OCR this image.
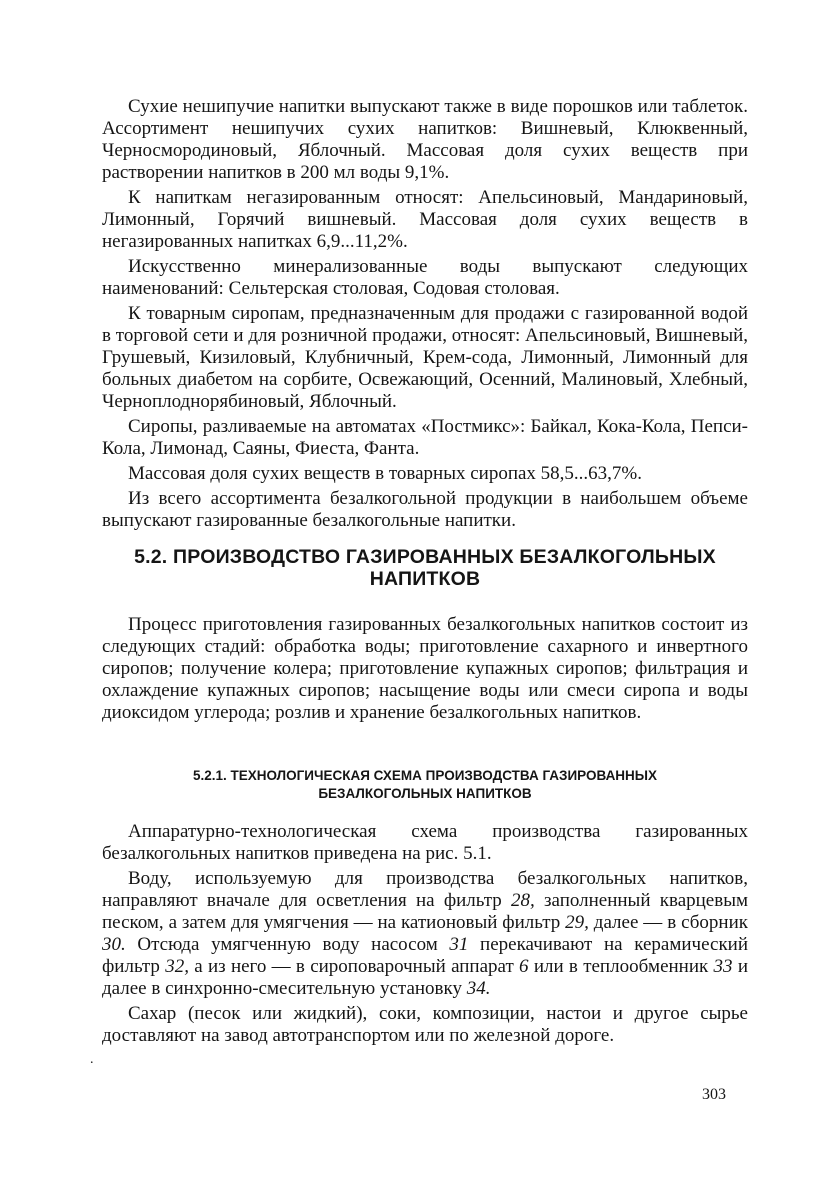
Сухие нешипучие напитки выпускают также в виде порошков или таблеток. Ассортимент нешипучих сухих напитков: Вишневый, Клюквенный, Черносмородиновый, Яблочный. Массовая доля сухих веществ при растворении напитков в 200 мл воды 9,1%.

К напиткам негазированным относят: Апельсиновый, Мандариновый, Лимонный, Горячий вишневый. Массовая доля сухих веществ в негазированных напитках 6,9...11,2%.

Искусственно минерализованные воды выпускают следующих наименований: Сельтерская столовая, Содовая столовая.

К товарным сиропам, предназначенным для продажи с газированной водой в торговой сети и для розничной продажи, относят: Апельсиновый, Вишневый, Грушевый, Кизиловый, Клубничный, Крем-сода, Лимонный, Лимонный для больных диабетом на сорбите, Освежающий, Осенний, Малиновый, Хлебный, Черноплоднорябиновый, Яблочный.

Сиропы, разливаемые на автоматах «Постмикс»: Байкал, Кока-Кола, Пепси-Кола, Лимонад, Саяны, Фиеста, Фанта.

Массовая доля сухих веществ в товарных сиропах 58,5...63,7%.

Из всего ассортимента безалкогольной продукции в наибольшем объеме выпускают газированные безалкогольные напитки.

5.2. ПРОИЗВОДСТВО ГАЗИРОВАННЫХ БЕЗАЛКОГОЛЬНЫХ
НАПИТКОВ

Процесс приготовления газированных безалкогольных напитков состоит из следующих стадий: обработка воды; приготовление сахарного и инвертного сиропов; получение колера; приготовление купажных сиропов; фильтрация и охлаждение купажных сиропов; насыщение воды или смеси сиропа и воды диоксидом углерода; розлив и хранение безалкогольных напитков.

5.2.1. ТЕХНОЛОГИЧЕСКАЯ СХЕМА ПРОИЗВОДСТВА ГАЗИРОВАННЫХ
БЕЗАЛКОГОЛЬНЫХ НАПИТКОВ

Аппаратурно-технологическая схема производства газированных безалкогольных напитков приведена на рис. 5.1.

Воду, используемую для производства безалкогольных напитков, направляют вначале для осветления на фильтр 28, заполненный кварцевым песком, а затем для умягчения — на катионовый фильтр 29, далее — в сборник 30. Отсюда умягченную воду насосом 31 перекачивают на керамический фильтр 32, а из него — в сироповарочный аппарат 6 или в теплообменник 33 и далее в синхронно-смесительную установку 34.

Сахар (песок или жидкий), соки, композиции, настои и другое сырье доставляют на завод автотранспортом или по железной дороге.

.
303
